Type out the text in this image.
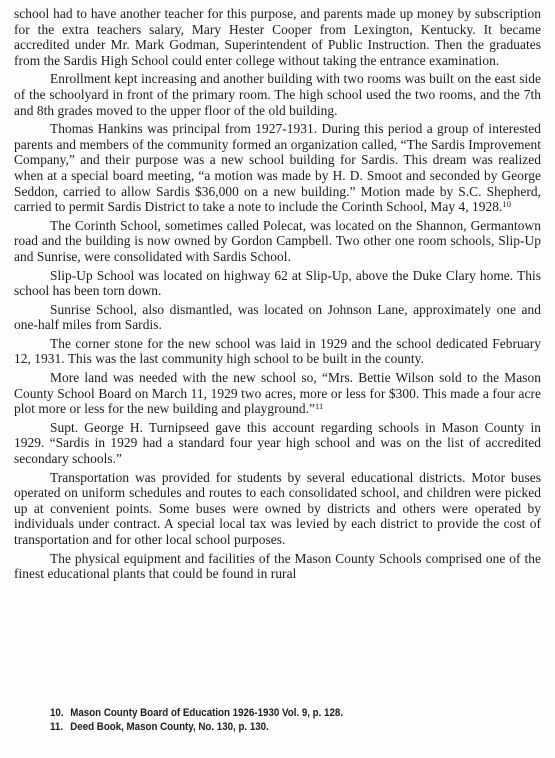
school had to have another teacher for this purpose, and parents made up money by subscription for the extra teachers salary, Mary Hester Cooper from Lexington, Kentucky. It became accredited under Mr. Mark Godman, Superintendent of Public Instruction. Then the graduates from the Sardis High School could enter college without taking the entrance examination.

Enrollment kept increasing and another building with two rooms was built on the east side of the schoolyard in front of the primary room. The high school used the two rooms, and the 7th and 8th grades moved to the upper floor of the old building.

Thomas Hankins was principal from 1927-1931. During this period a group of interested parents and members of the community formed an organization called, “The Sardis Improvement Company,” and their purpose was a new school building for Sardis. This dream was realized when at a special board meeting, “a motion was made by H. D. Smoot and seconded by George Seddon, carried to allow Sardis $36,000 on a new building.” Motion made by S.C. Shepherd, carried to permit Sardis District to take a note to include the Corinth School, May 4, 1928.10

The Corinth School, sometimes called Polecat, was located on the Shannon, Germantown road and the building is now owned by Gordon Campbell. Two other one room schools, Slip-Up and Sunrise, were consolidated with Sardis School.

Slip-Up School was located on highway 62 at Slip-Up, above the Duke Clary home. This school has been torn down.

Sunrise School, also dismantled, was located on Johnson Lane, approximately one and one-half miles from Sardis.

The corner stone for the new school was laid in 1929 and the school dedicated February 12, 1931. This was the last community high school to be built in the county.

More land was needed with the new school so, “Mrs. Bettie Wilson sold to the Mason County School Board on March 11, 1929 two acres, more or less for $300. This made a four acre plot more or less for the new building and playground.”$^{11}$

Supt. George H. Turnipseed gave this account regarding schools in Mason County in 1929. “Sardis in 1929 had a standard four year high school and was on the list of accredited secondary schools.”

Transportation was provided for students by several educational districts. Motor buses operated on uniform schedules and routes to each consolidated school, and children were picked up at convenient points. Some buses were owned by districts and others were operated by individuals under contract. A special local tax was levied by each district to provide the cost of transportation and for other local school purposes.

The physical equipment and facilities of the Mason County Schools comprised one of the finest educational plants that could be found in rural

10. Mason County Board of Education 1926-1930 Vol. 9, p. 128.
11. Deed Book, Mason County, No. 130, p. 130.
